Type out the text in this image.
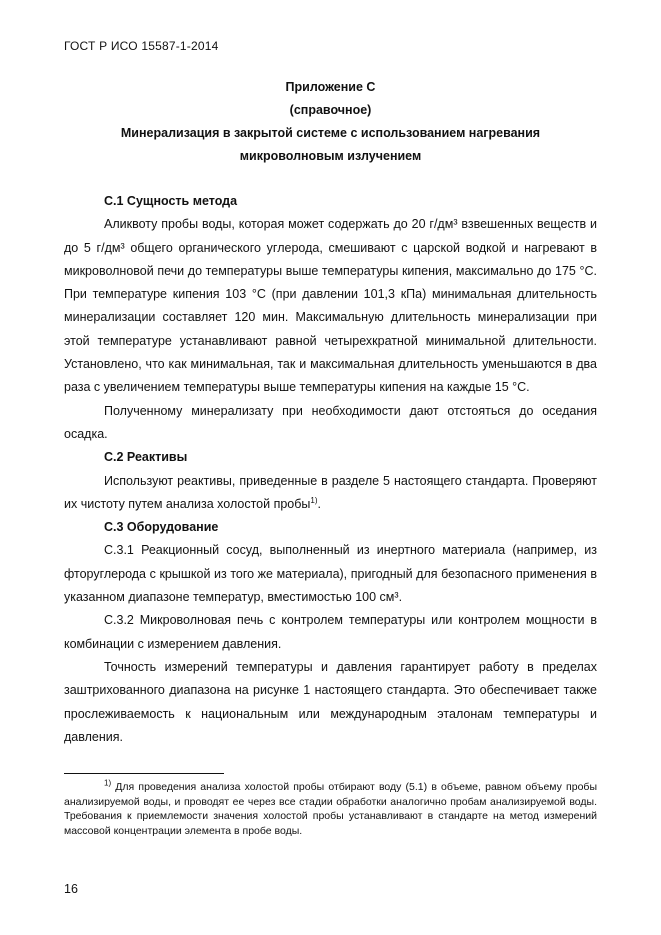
ГОСТ Р ИСО 15587-1-2014
Приложение С
(справочное)
Минерализация в закрытой системе с использованием нагревания
микроволновым излучением

С.1 Сущность метода

Аликвоту пробы воды, которая может содержать до 20 г/дм³ взвешенных веществ и до 5 г/дм³ общего органического углерода, смешивают с царской водкой и нагревают в микроволновой печи до температуры выше температуры кипения, максимально до 175 °С. При температуре кипения 103 °С (при давлении 101,3 кПа) минимальная длительность минерализации составляет 120 мин. Максимальную длительность минерализации при этой температуре устанавливают равной четырехкратной минимальной длительности. Установлено, что как минимальная, так и максимальная длительность уменьшаются в два раза с увеличением температуры выше температуры кипения на каждые 15 °С.

Полученному минерализату при необходимости дают отстояться до оседания осадка.

С.2 Реактивы

Используют реактивы, приведенные в разделе 5 настоящего стандарта. Проверяют их чистоту путем анализа холостой пробы$^{1)}$.

С.3 Оборудование

С.3.1 Реакционный сосуд, выполненный из инертного материала (например, из фторуглерода с крышкой из того же материала), пригодный для безопасного применения в указанном диапазоне температур, вместимостью 100 см³.

С.3.2 Микроволновая печь с контролем температуры или контролем мощности в комбинации с измерением давления.

Точность измерений температуры и давления гарантирует работу в пределах заштрихованного диапазона на рисунке 1 настоящего стандарта. Это обеспечивает также прослеживаемость к национальным или международным эталонам температуры и давления.

$^{1)}$ Для проведения анализа холостой пробы отбирают воду (5.1) в объеме, равном объему пробы анализируемой воды, и проводят ее через все стадии обработки аналогично пробам анализируемой воды. Требования к приемлемости значения холостой пробы устанавливают в стандарте на метод измерений массовой концентрации элемента в пробе воды.
16
